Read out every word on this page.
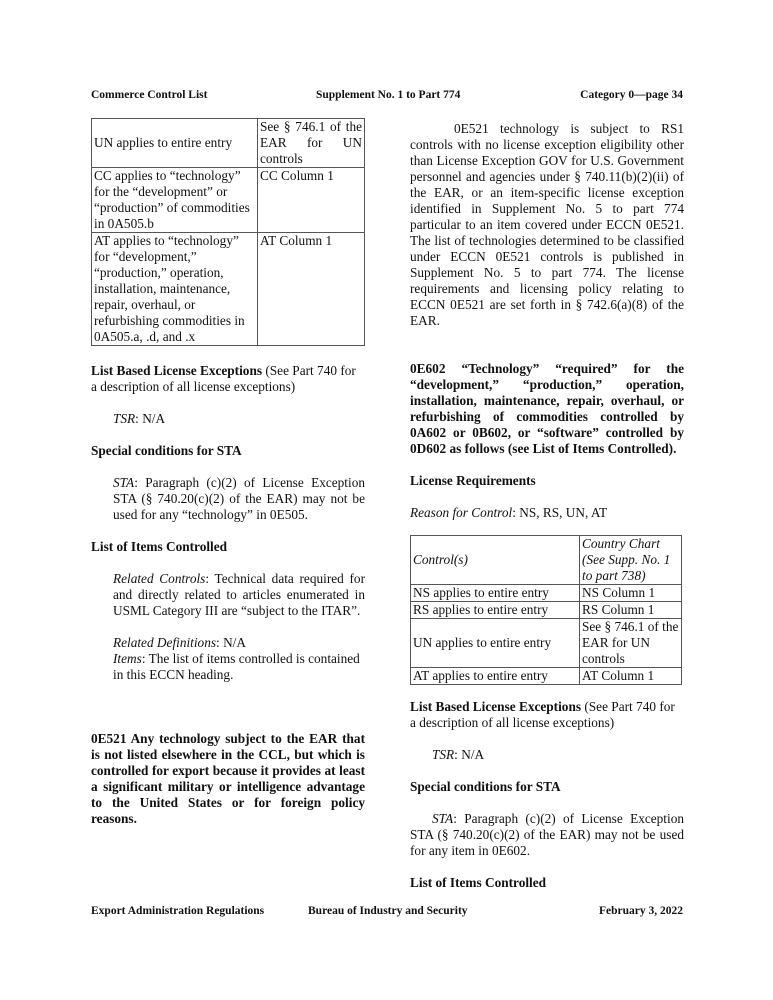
Commerce Control List	Supplement No. 1 to Part 774	Category 0—page 34
UN applies to entire entry	See § 746.1 of the EAR for UN controls
CC applies to “technology” for the “development” or “production” of commodities in 0A505.b	CC Column 1
AT applies to “technology” for “development,” “production,” operation, installation, maintenance, repair, overhaul, or refurbishing commodities in 0A505.a, .d, and .x	AT Column 1

List Based License Exceptions (See Part 740 for a description of all license exceptions)

TSR: N/A

Special conditions for STA

STA: Paragraph (c)(2) of License Exception STA (§ 740.20(c)(2) of the EAR) may not be used for any “technology” in 0E505.

List of Items Controlled

Related Controls: Technical data required for and directly related to articles enumerated in USML Category III are “subject to the ITAR”.

Related Definitions: N/A

Items: The list of items controlled is contained in this ECCN heading.

0E521 Any technology subject to the EAR that is not listed elsewhere in the CCL, but which is controlled for export because it provides at least a significant military or intelligence advantage to the United States or for foreign policy reasons.

0E521 technology is subject to RS1 controls with no license exception eligibility other than License Exception GOV for U.S. Government personnel and agencies under § 740.11(b)(2)(ii) of the EAR, or an item-specific license exception identified in Supplement No. 5 to part 774 particular to an item covered under ECCN 0E521. The list of technologies determined to be classified under ECCN 0E521 controls is published in Supplement No. 5 to part 774. The license requirements and licensing policy relating to ECCN 0E521 are set forth in § 742.6(a)(8) of the EAR.

0E602 “Technology” “required” for the “development,” “production,” operation, installation, maintenance, repair, overhaul, or refurbishing of commodities controlled by 0A602 or 0B602, or “software” controlled by 0D602 as follows (see List of Items Controlled).

License Requirements

Reason for Control: NS, RS, UN, AT

Control(s)	Country Chart (See Supp. No. 1 to part 738)
NS applies to entire entry	NS Column 1
RS applies to entire entry	RS Column 1
UN applies to entire entry	See § 746.1 of the EAR for UN controls
AT applies to entire entry	AT Column 1

List Based License Exceptions (See Part 740 for a description of all license exceptions)

TSR: N/A

Special conditions for STA

STA: Paragraph (c)(2) of License Exception STA (§ 740.20(c)(2) of the EAR) may not be used for any item in 0E602.

List of Items Controlled

Export Administration Regulations	Bureau of Industry and Security	February 3, 2022
